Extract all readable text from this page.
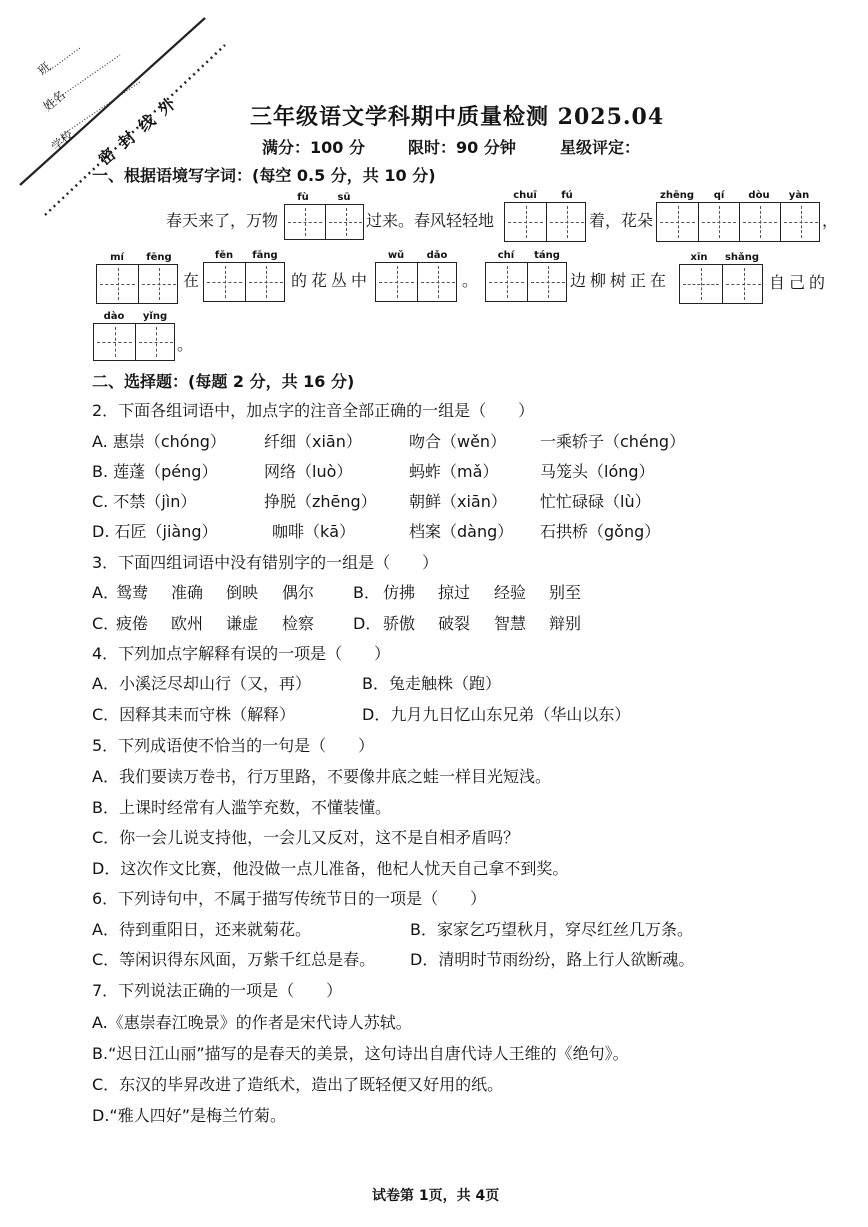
姓名
学校
班
密封线外	三年级语文学科期中质量检测 2025.04
满分：100 分	限时：90 分钟	星级评定：
一、根据语境写字词：(每空 0.5 分，共 10 分)
春天来了，万物
fù	sū
过来。春风轻轻地
chuī	fú
着，花朵
zhēng	qí	dòu	yàn
，
mí	fēng
在
fēn	fāng
的花丛中
wǔ	dǎo
。
chí	táng
边柳树正在
xīn	shǎng
自己的
dào	yǐng
。
二、选择题：(每题 2 分，共 16 分)
2．下面各组词语中，加点字的注音全部正确的一组是（　　）
A. 惠崇（chóng） 纤细（xiān）	吻合（wěn） 一乘轿子（chéng）
B. 莲蓬（péng）	网络（luò）	蚂蚱（mǎ）	马笼头（lóng）
C. 不禁（jìn）	挣脱（zhēng） 朝鲜（xiān） 忙忙碌碌（lù）
D. 石匠（jiàng）	咖啡（kā）	档案（dàng） 石拱桥（gǒng）
3．下面四组词语中没有错别字的一组是（　　）
A．
鸳鸯 准确 倒映 偶尔 B． 仿拂 掠过 经验 别至
C．
疲倦 欧州 谦虚 检察 D． 骄傲 破裂 智慧 辩别
4．下列加点字解释有误的一项是（　　）
A．小溪泛尽却山行（又，再）	B．兔走触株（跑）
C．因释其耒而守株（解释）	D．九月九日忆山东兄弟（华山以东）
5．下列成语使不恰当的一句是（　　）
A．我们要读万卷书，行万里路，不要像井底之蛙一样目光短浅。
B．上课时经常有人滥竽充数，不懂装懂。
C．你一会儿说支持他，一会儿又反对，这不是自相矛盾吗？
D．这次作文比赛，他没做一点儿准备，他杞人忧天自己拿不到奖。
6．下列诗句中，不属于描写传统节日的一项是（　　）
A．待到重阳日，还来就菊花。	B．家家乞巧望秋月，穿尽红丝几万条。
C．等闲识得东风面，万紫千红总是春。 D．清明时节雨纷纷，路上行人欲断魂。
7．下列说法正确的一项是（　　）
A.《惠崇春江晚景》的作者是宋代诗人苏轼。
B.“迟日江山丽”描写的是春天的美景，这句诗出自唐代诗人王维的《绝句》。
C．东汉的毕昇改进了造纸术，造出了既轻便又好用的纸。
D.“雅人四好”是梅兰竹菊。
试卷第 1页，共 4页
